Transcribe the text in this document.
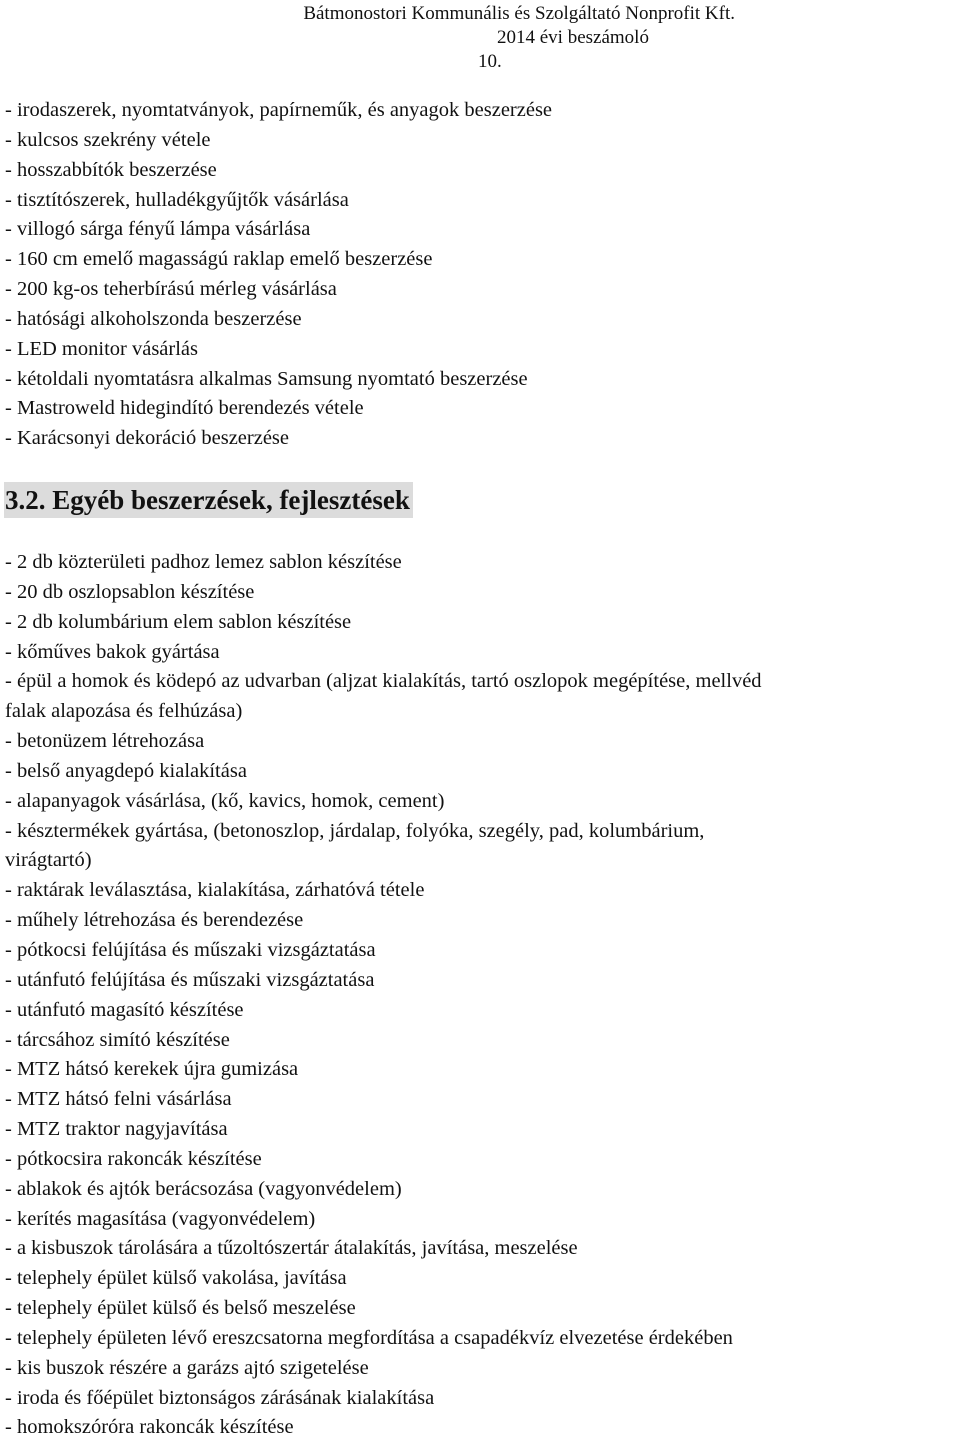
Bátmonostori Kommunális és Szolgáltató Nonprofit Kft.
2014 évi beszámoló
10.
- irodaszerek, nyomtatványok, papírneműk, és anyagok beszerzése
- kulcsos szekrény vétele
- hosszabbítók beszerzése
- tisztítószerek, hulladékgyűjtők vásárlása
- villogó sárga fényű lámpa vásárlása
- 160 cm emelő magasságú raklap emelő beszerzése
- 200 kg-os teherbírású mérleg vásárlása
- hatósági alkoholszonda beszerzése
- LED monitor vásárlás
- kétoldali nyomtatásra alkalmas Samsung nyomtató beszerzése
- Mastroweld hidegindító berendezés vétele
- Karácsonyi dekoráció beszerzése
3.2. Egyéb beszerzések, fejlesztések
- 2 db közterületi padhoz lemez sablon készítése
- 20 db oszlopsablon készítése
- 2 db kolumbárium elem sablon készítése
- kőműves bakok gyártása
- épül a homok és ködepó az udvarban (aljzat kialakítás, tartó oszlopok megépítése, mellvéd
falak alapozása és felhúzása)
- betonüzem létrehozása
- belső anyagdepó kialakítása
- alapanyagok vásárlása, (kő, kavics, homok, cement)
- késztermékek gyártása, (betonoszlop, járdalap, folyóka, szegély, pad, kolumbárium,
virágtartó)
- raktárak leválasztása, kialakítása, zárhatóvá tétele
- műhely létrehozása és berendezése
- pótkocsi felújítása és műszaki vizsgáztatása
- utánfutó felújítása és műszaki vizsgáztatása
- utánfutó magasító készítése
- tárcsához simító készítése
- MTZ hátsó kerekek újra gumizása
- MTZ hátsó felni vásárlása
- MTZ traktor nagyjavítása
- pótkocsira rakoncák készítése
- ablakok és ajtók berácsozása (vagyonvédelem)
- kerítés magasítása (vagyonvédelem)
- a kisbuszok tárolására a tűzoltószertár átalakítás, javítása, meszelése
- telephely épület külső vakolása, javítása
- telephely épület külső és belső meszelése
- telephely épületen lévő ereszcsatorna megfordítása a csapadékvíz elvezetése érdekében
- kis buszok részére a garázs ajtó szigetelése
- iroda és főépület biztonságos zárásának kialakítása
- homokszóróra rakoncák készítése
